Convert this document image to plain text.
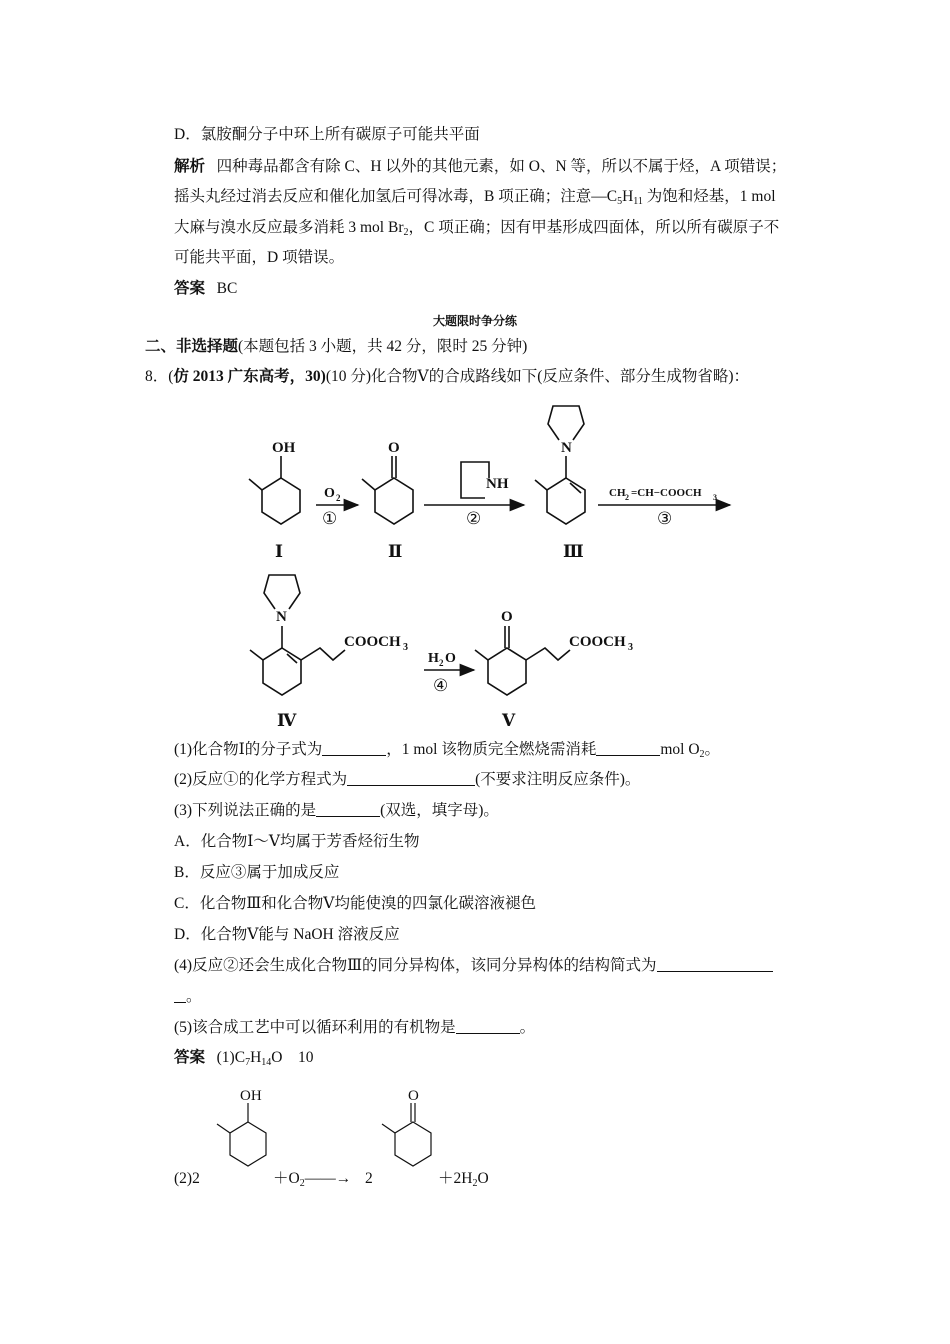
D．氯胺酮分子中环上所有碳原子可能共平面
解析 四种毒品都含有除 C、H 以外的其他元素，如 O、N 等，所以不属于烃，A 项错误；
摇头丸经过消去反应和催化加氢后可得冰毒，B 项正确；注意$—C_5H_{11}$ 为饱和烃基，1 mol
大麻与溴水反应最多消耗 3 mol $Br_2$，C 项正确；因有甲基形成四面体，所以所有碳原子不
可能共平面，D 项错误。
答案 BC
大题限时争分练
二、非选择题(本题包括 3 小题，共 42 分，限时 25 分钟)
8．(仿 2013 广东高考，30)(10 分)化合物Ⅴ的合成路线如下(反应条件、部分生成物省略)：
(1)化合物Ⅰ的分子式为	，1 mol 该物质完全燃烧需消耗	mol $O_2$。
(2)反应①的化学方程式为	(不要求注明反应条件)。
(3)下列说法正确的是	(双选，填字母)。
A．化合物Ⅰ～Ⅴ均属于芳香烃衍生物
B．反应③属于加成反应
C．化合物Ⅲ和化合物Ⅴ均能使溴的四氯化碳溶液褪色
D．化合物Ⅴ能与 NaOH 溶液反应
(4)反应②还会生成化合物Ⅲ的同分异构体，该同分异构体的结构简式为
。
(5)该合成工艺中可以循环利用的有机物是	。
答案 $(1)C_7H_{14}O$ 10
(2)2	$+O_2——\to 2$	$+2H_2O$
OH	O
NH
N
N	O
O 2
H 2 O
CH 2 =CH−COOCH 3
COOCH 3	COOCH 3
①	②	③
④
Ⅰ	Ⅱ	Ⅲ
Ⅳ	Ⅴ
OH	O
